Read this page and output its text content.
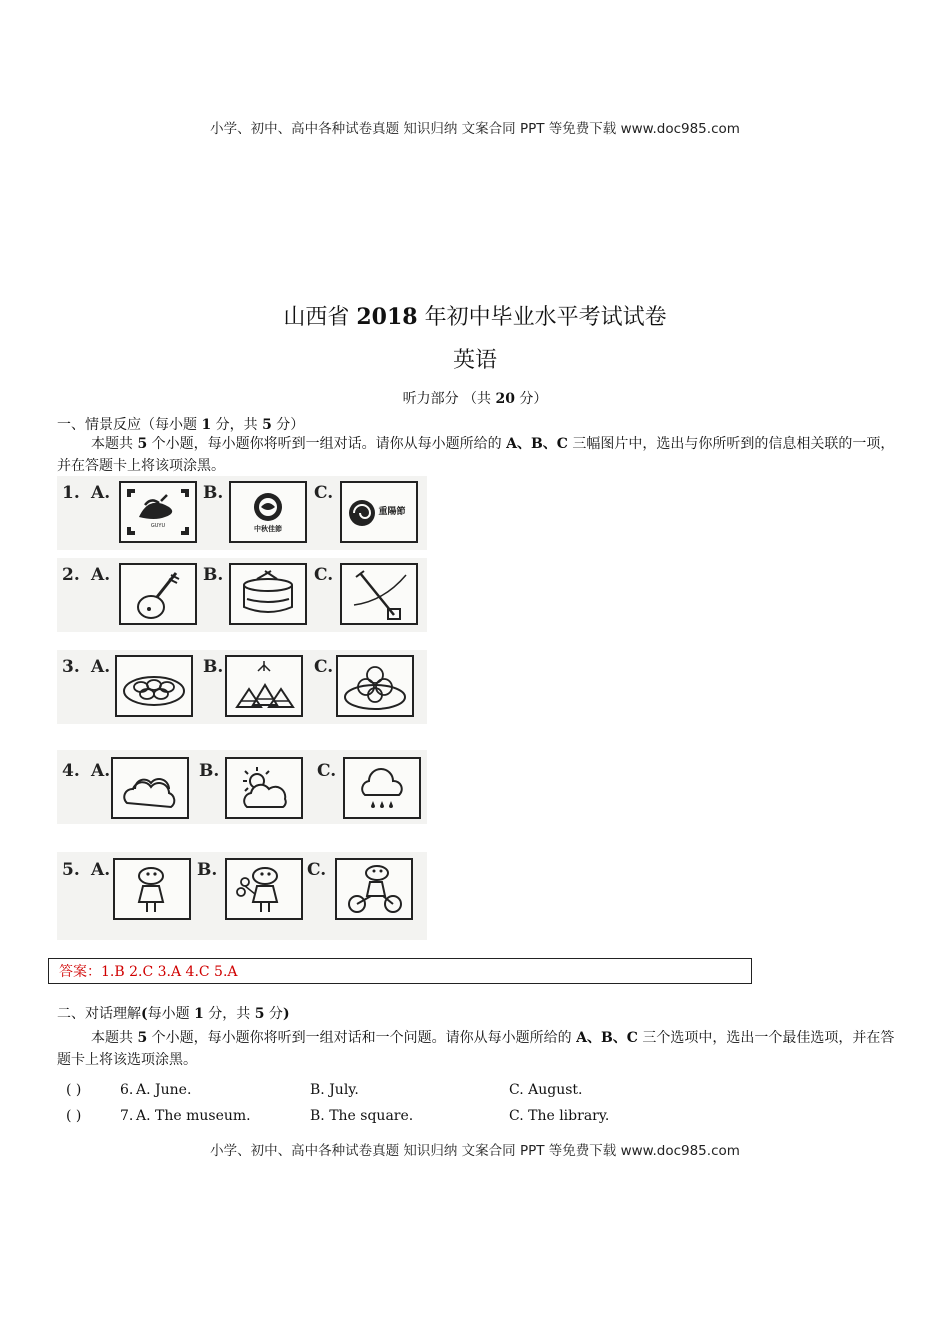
小学、初中、高中各种试卷真题 知识归纳 文案合同 PPT 等免费下载 www.doc985.com
山西省 2018 年初中毕业水平考试试卷
英语
听力部分 （共 20 分）
一、情景反应（每小题 1 分，共 5 分）
本题共 5 个小题，每小题你将听到一组对话。请你从每小题所给的 A、B、C 三幅图片中，选出与你所听到的信息相关联的一项，并在答题卡上将该项涂黑。
1. A.
GUYU
B.
中秋佳節
C.
重陽節
2. A.	B.	C.
3. A.	B.	C.
4. A.	B.	C.
5. A.	B.	C.
答案：1.B 2.C 3.A 4.C 5.A
二、对话理解(每小题 1 分，共 5 分)
本题共 5 个小题，每小题你将听到一组对话和一个问题。请你从每小题所给的 A、B、C 三个选项中，选出一个最佳选项，并在答题卡上将该选项涂黑。
( )	6. A. June.	B. July.	C. August.
( )	7. A. The museum.	B. The square.	C. The library.
小学、初中、高中各种试卷真题 知识归纳 文案合同 PPT 等免费下载 www.doc985.com
